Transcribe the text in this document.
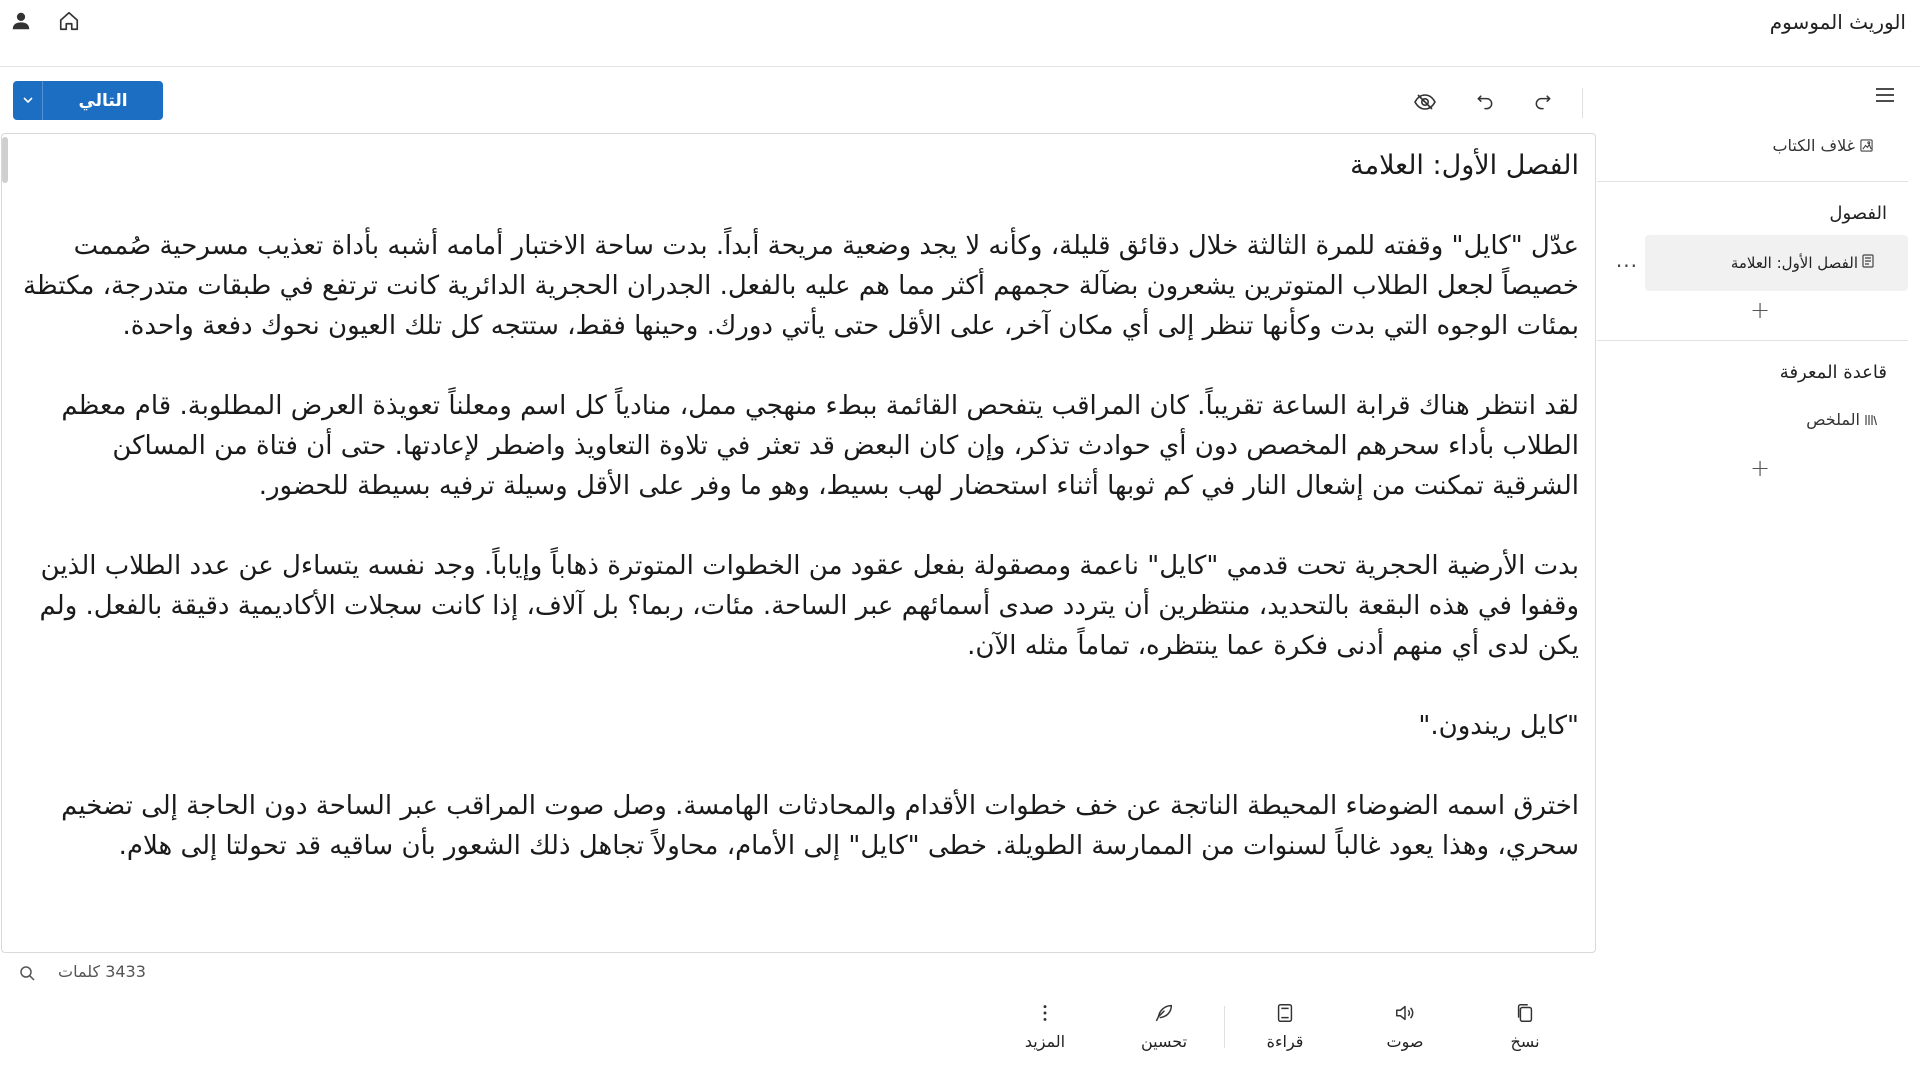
الوريث الموسوم
التالي
غلاف الكتاب
الفصول
الفصل الأول: العلامة
...
+
قاعدة المعرفة
الملخص
+
الفصل الأول: العلامة

عدّل "كايل" وقفته للمرة الثالثة خلال دقائق قليلة، وكأنه لا يجد وضعية مريحة أبداً. بدت ساحة الاختبار أمامه أشبه بأداة تعذيب مسرحية صُممت خصيصاً لجعل الطلاب المتوترين يشعرون بضآلة حجمهم أكثر مما هم عليه بالفعل. الجدران الحجرية الدائرية كانت ترتفع في طبقات متدرجة، مكتظة بمئات الوجوه التي بدت وكأنها تنظر إلى أي مكان آخر، على الأقل حتى يأتي دورك. وحينها فقط، ستتجه كل تلك العيون نحوك دفعة واحدة.

لقد انتظر هناك قرابة الساعة تقريباً. كان المراقب يتفحص القائمة ببطء منهجي ممل، منادياً كل اسم ومعلناً تعويذة العرض المطلوبة. قام معظم الطلاب بأداء سحرهم المخصص دون أي حوادث تذكر، وإن كان البعض قد تعثر في تلاوة التعاويذ واضطر لإعادتها. حتى أن فتاة من المساكن الشرقية تمكنت من إشعال النار في كم ثوبها أثناء استحضار لهب بسيط، وهو ما وفر على الأقل وسيلة ترفيه بسيطة للحضور.

بدت الأرضية الحجرية تحت قدمي "كايل" ناعمة ومصقولة بفعل عقود من الخطوات المتوترة ذهاباً وإياباً. وجد نفسه يتساءل عن عدد الطلاب الذين وقفوا في هذه البقعة بالتحديد، منتظرين أن يتردد صدى أسمائهم عبر الساحة. مئات، ربما؟ بل آلاف، إذا كانت سجلات الأكاديمية دقيقة بالفعل. ولم يكن لدى أي منهم أدنى فكرة عما ينتظره، تماماً مثله الآن.

"كايل ريندون."

اخترق اسمه الضوضاء المحيطة الناتجة عن خف خطوات الأقدام والمحادثات الهامسة. وصل صوت المراقب عبر الساحة دون الحاجة إلى تضخيم سحري، وهذا يعود غالباً لسنوات من الممارسة الطويلة. خطى "كايل" إلى الأمام، محاولاً تجاهل ذلك الشعور بأن ساقيه قد تحولتا إلى هلام.

3433 كلمات
نسخ
صوت
قراءة
تحسين
المزيد
